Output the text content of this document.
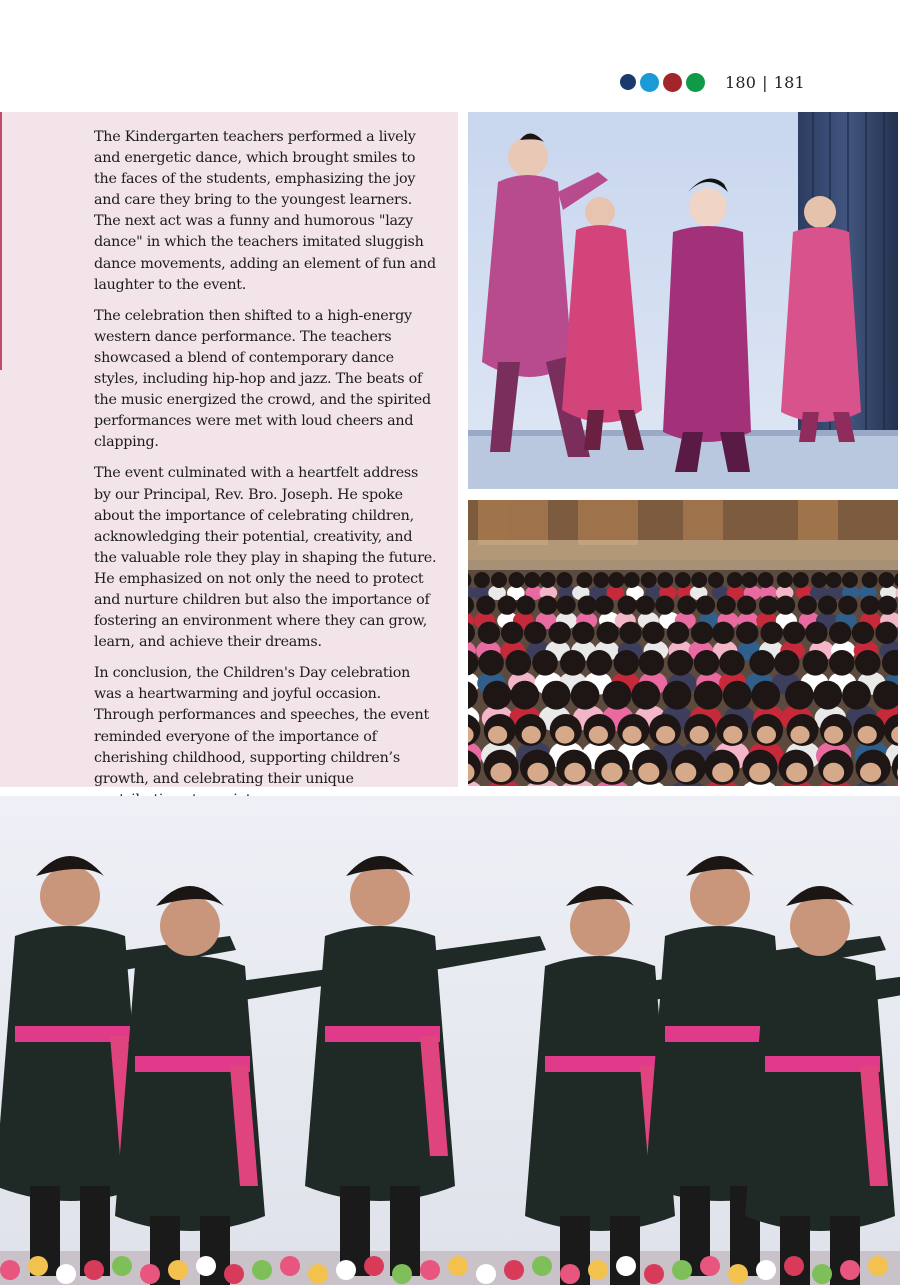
180 | 181

The Kindergarten teachers performed a lively and energetic dance, which brought smiles to the faces of the students, emphasizing the joy and care they bring to the youngest learners. The next act was a funny and humorous "lazy dance" in which the teachers imitated sluggish dance movements, adding an element of fun and laughter to the event.

The celebration then shifted to a high-energy western dance performance. The teachers showcased a blend of contemporary dance styles, including hip-hop and jazz. The beats of the music energized the crowd, and the spirited performances were met with loud cheers and clapping.

The event culminated with a heartfelt address by our Principal, Rev. Bro. Joseph. He spoke about the importance of celebrating children, acknowledging their potential, creativity, and the valuable role they play in shaping the future. He emphasized on not only the need to protect and nurture children but also the importance of fostering an environment where they can grow, learn, and achieve their dreams.

In conclusion, the Children's Day celebration was a heartwarming and joyful occasion. Through performances and speeches, the event reminded everyone of the importance of cherishing childhood, supporting children’s growth, and celebrating their unique
